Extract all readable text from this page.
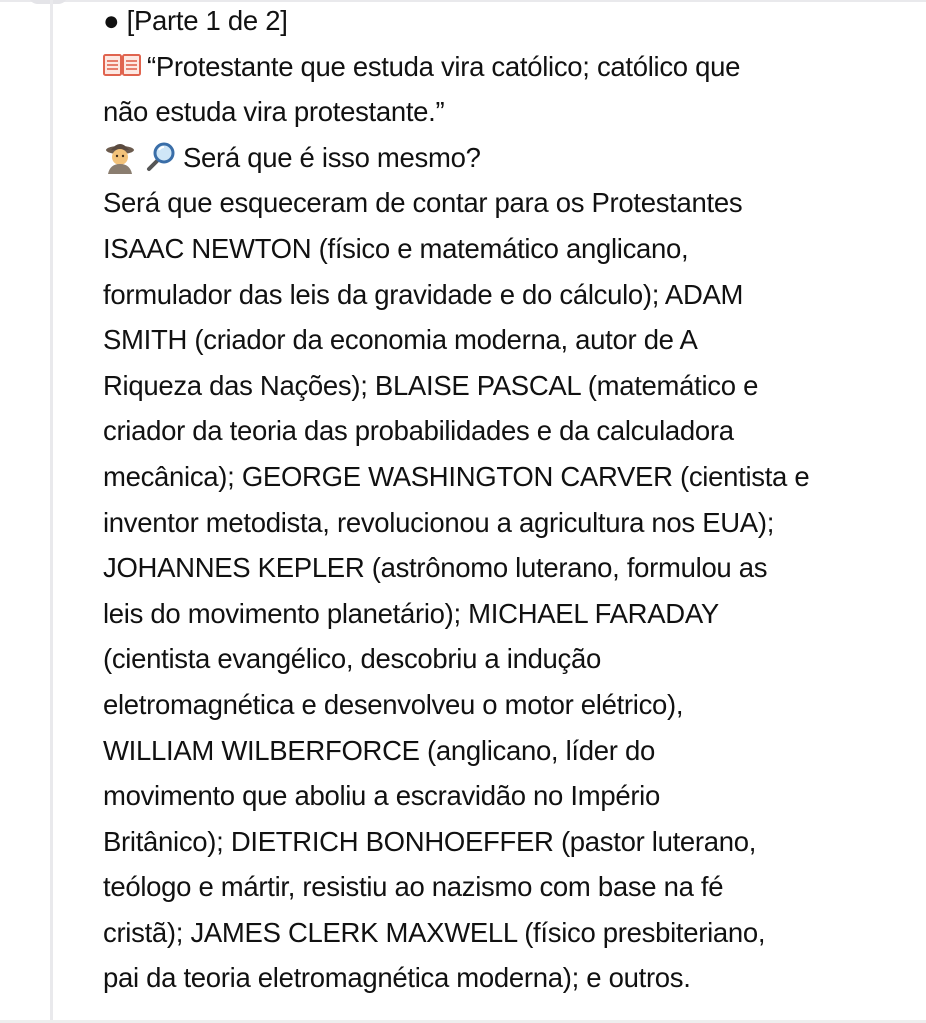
● [Parte 1 de 2]
“Protestante que estuda vira católico; católico que
não estuda vira protestante.”
Será que é isso mesmo?
Será que esqueceram de contar para os Protestantes
ISAAC NEWTON (físico e matemático anglicano,
formulador das leis da gravidade e do cálculo); ADAM
SMITH (criador da economia moderna, autor de A
Riqueza das Nações); BLAISE PASCAL (matemático e
criador da teoria das probabilidades e da calculadora
mecânica); GEORGE WASHINGTON CARVER (cientista e
inventor metodista, revolucionou a agricultura nos EUA);
JOHANNES KEPLER (astrônomo luterano, formulou as
leis do movimento planetário); MICHAEL FARADAY
(cientista evangélico, descobriu a indução
eletromagnética e desenvolveu o motor elétrico),
WILLIAM WILBERFORCE (anglicano, líder do
movimento que aboliu a escravidão no Império
Britânico); DIETRICH BONHOEFFER (pastor luterano,
teólogo e mártir, resistiu ao nazismo com base na fé
cristã); JAMES CLERK MAXWELL (físico presbiteriano,
pai da teoria eletromagnética moderna); e outros.
